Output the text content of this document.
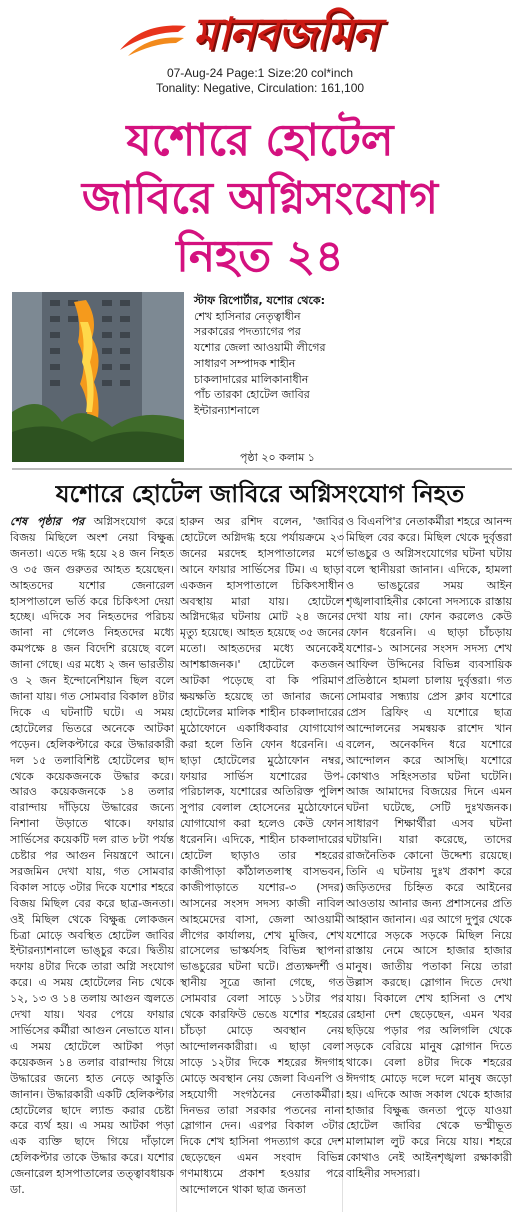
মানবজমিন
07-Aug-24 Page:1 Size:20 col*inch
Tonality: Negative, Circulation: 161,100
যশোরে হোটেল
জাবিরে অগ্নিসংযোগ
নিহত ২৪
স্টাফ রিপোর্টার, যশোর থেকে: শেখ হাসিনার নেতৃত্বাধীন সরকারের পদত্যাগের পর যশোর জেলা আওয়ামী লীগের সাধারণ সম্পাদক শাহীন চাকলাদারের মালিকানাধীন পাঁচ তারকা হোটেল জাবির ইন্টারন্যাশনালে
পৃষ্ঠা ২০ কলাম ১
যশোরে হোটেল জাবিরে অগ্নিসংযোগ নিহত

শেষ পৃষ্ঠার পর অগ্নিসংযোগ করে বিজয় মিছিলে অংশ নেয়া বিক্ষুব্ধ জনতা। এতে দগ্ধ হয়ে ২৪ জন নিহত ও ৩৫ জন গুরুতর আহত হয়েছেন। আহতদের যশোর জেনারেল হাসপাতালে ভর্তি করে চিকিৎসা দেয়া হচ্ছে। এদিকে সব নিহতদের পরিচয় জানা না গেলেও নিহতদের মধ্যে কমপক্ষে ৪ জন বিদেশি রয়েছে বলে জানা গেছে। এর মধ্যে ২ জন ভারতীয় ও ২ জন ইন্দোনেশিয়ান ছিল বলে জানা যায়। গত সোমবার বিকাল ৪টার দিকে এ ঘটনাটি ঘটে। এ সময় হোটেলের ভিতরে অনেকে আটকা পড়েন। হেলিকপ্টারে করে উদ্ধারকারী দল ১৫ তলাবিশিষ্ট হোটেলের ছাদ থেকে কয়েকজনকে উদ্ধার করে। আরও কয়েকজনকে ১৪ তলার বারান্দায় দাঁড়িয়ে উদ্ধারের জন্যে নিশানা উড়াতে থাকে। ফায়ার সার্ভিসের কয়েকটি দল রাত ৮টা পর্যন্ত চেষ্টার পর আগুন নিয়ন্ত্রণে আনে। সরজমিন দেখা যায়, গত সোমবার বিকাল সাড়ে ৩টার দিকে যশোর শহরে বিজয় মিছিল বের করে ছাত্র-জনতা। ওই মিছিল থেকে বিক্ষুব্ধ লোকজন চিত্রা মোড়ে অবস্থিত হোটেল জাবির ইন্টারন্যাশনালে ভাঙ্চুর করে। দ্বিতীয় দফায় ৪টার দিকে তারা অগ্নি সংযোগ করে। এ সময় হোটেলের নিচ থেকে ১২, ১৩ ও ১৪ তলায় আগুন জ্বলতে দেখা যায়। খবর পেয়ে ফায়ার সার্ভিসের কর্মীরা আগুন নেভাতে যান। এ সময় হোটেলে আটকা পড়া কয়েকজন ১৪ তলার বারান্দায় গিয়ে উদ্ধারের জন্যে হাত নেড়ে আকুতি জানান। উদ্ধারকারী একটি হেলিকপ্টার হোটেলের ছাদে ল্যান্ড করার চেষ্টা করে ব্যর্থ হয়। এ সময় আটকা পড়া এক ব্যক্তি ছাদে গিয়ে দাঁড়ালে হেলিকপ্টার তাকে উদ্ধার করে। যশোর জেনারেল হাসপাতালের তত্ত্বাবধায়ক ডা.

হারুন অর রশিদ বলেন, 'জাবির হোটেলে অগ্নিদগ্ধ হয়ে পর্যায়ক্রমে ২৩ জনের মরদেহ হাসপাতালের মর্গে আনে ফায়ার সার্ভিসের টিম। এ ছাড়া একজন হাসপাতালে চিকিৎসাধীন অবস্থায় মারা যায়। হোটেলে অগ্নিদগ্ধের ঘটনায় মোট ২৪ জনের মৃত্যু হয়েছে। আহত হয়েছে ৩৫ জনের মতো। আহতদের মধ্যে অনেকেই আশঙ্কাজনক।' হোটেলে কতজন আটকা পড়েছে বা কি পরিমাণ ক্ষয়ক্ষতি হয়েছে তা জানার জন্যে হোটেলের মালিক শাহীন চাকলাদারের মুঠোফোনে একাধিকবার যোগাযোগ করা হলে তিনি ফোন ধরেননি। এ ছাড়া হোটেলের মুঠোফোন নম্বর, ফায়ার সার্ভিস যশোরের উপ-পরিচালক, যশোরের অতিরিক্ত পুলিশ সুপার বেলাল হোসেনের মুঠোফোনে যোগাযোগ করা হলেও কেউ ফোন ধরেননি। এদিকে, শাহীন চাকলাদারের হোটেল ছাড়াও তার শহরের কাজীপাড়া কাঁঠালতলাস্থ বাসভবন, কাজীপাড়াতে যশোর-৩ (সদর) আসনের সংসদ সদস্য কাজী নাবিল আহমেদের বাসা, জেলা আওয়ামী লীগের কার্যালয়, শেখ মুজিব, শেখ রাসেলের ভাস্কর্যসহ বিভিন্ন স্থাপনা ভাঙচুরের ঘটনা ঘটে। প্রত্যক্ষদর্শী ও স্থানীয় সূত্রে জানা গেছে, গত সোমবার বেলা সাড়ে ১১টার পর থেকে কারফিউ ভেঙে যশোর শহরের চাঁচড়া মোড়ে অবস্থান নেয় আন্দোলনকারীরা। এ ছাড়া বেলা সাড়ে ১২টার দিকে শহরের ঈদগাহ মোড়ে অবস্থান নেয় জেলা বিএনপি ও সহযোগী সংগঠনের নেতাকর্মীরা। দিনভর তারা সরকার পতনের নানা স্লোগান দেন। এরপর বিকাল ৩টার দিকে শেখ হাসিনা পদত্যাগ করে দেশ ছেড়েছেন এমন সংবাদ বিভিন্ন গণমাধ্যমে প্রকাশ হওয়ার পরে আন্দোলনে থাকা ছাত্র জনতা

ও বিএনপি'র নেতাকর্মীরা শহরে আনন্দ মিছিল বের করে। মিছিল থেকে দুর্বৃত্তরা ভাঙচুর ও অগ্নিসংযোগের ঘটনা ঘটায় বলে স্থানীয়রা জানান। এদিকে, হামলা ও ভাঙচুরের সময় আইন শৃঙ্খলাবাহিনীর কোনো সদস্যকে রাস্তায় দেখা যায় না। ফোন করলেও কেউ ফোন ধরেননি। এ ছাড়া চাঁচড়ায় যশোর-১ আসনের সংসদ সদস্য শেখ আফিল উদ্দিনের বিভিন্ন ব্যবসায়িক প্রতিষ্ঠানে হামলা চালায় দুর্বৃত্তরা। গত সোমবার সন্ধ্যায় প্রেস ক্লাব যশোরে প্রেস ব্রিফিং এ যশোরে ছাত্র আন্দোলনের সমন্বয়ক রাশেদ খান বলেন, অনেকদিন ধরে যশোরে আন্দোলন করে আসছি। যশোরে কোথাও সহিংসতার ঘটনা ঘটেনি। আজ আমাদের বিজয়ের দিনে এমন ঘটনা ঘটেছে, সেটি দুঃখজনক। সাধারণ শিক্ষার্থীরা এসব ঘটনা ঘটায়নি। যারা করেছে, তাদের রাজনৈতিক কোনো উদ্দেশ্য রয়েছে। তিনি এ ঘটনায় দুঃখ প্রকাশ করে জড়িতদের চিহ্নিত করে আইনের আওতায় আনার জন্য প্রশাসনের প্রতি আহ্বান জানান। এর আগে দুপুর থেকে যশোরে সড়কে সড়কে মিছিল নিয়ে রাস্তায় নেমে আসে হাজার হাজার মানুষ। জাতীয় পতাকা নিয়ে তারা উল্লাস করছে। স্লোগান দিতে দেখা যায়। বিকালে শেখ হাসিনা ও শেখ রেহানা দেশ ছেড়েছেন, এমন খবর ছড়িয়ে পড়ার পর অলিগলি থেকে সড়কে বেরিয়ে মানুষ স্লোগান দিতে থাকে। বেলা ৪টার দিকে শহরের ঈদগাহ মোড়ে দলে দলে মানুষ জড়ো হয়। এদিকে আজ সকাল থেকে হাজার হাজার বিক্ষুব্ধ জনতা পুড়ে যাওয়া হোটেল জাবির থেকে ভস্মীভূত মালামাল লুট করে নিয়ে যায়। শহরে কোথাও নেই আইনশৃঙ্খলা রক্ষাকারী বাহিনীর সদস্যরা।
